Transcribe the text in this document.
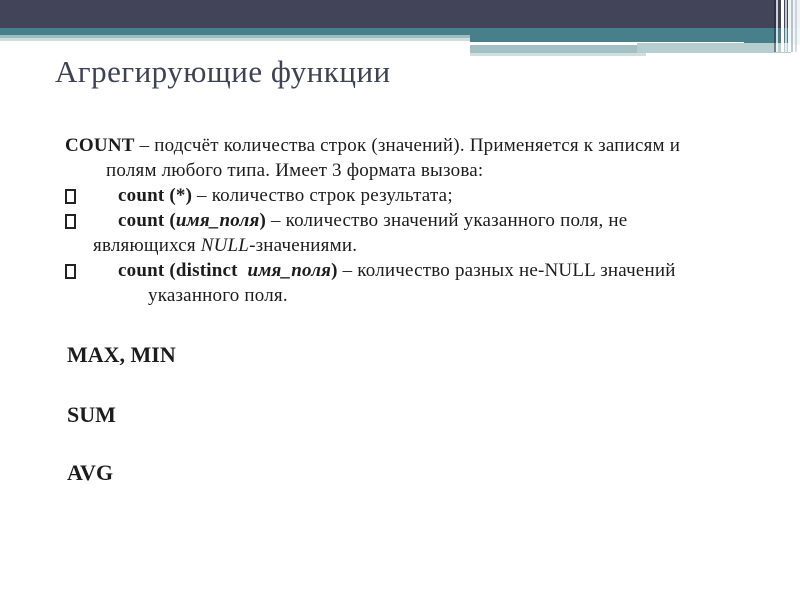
Агрегирующие функции
COUNT – подсчёт количества строк (значений). Применяется к записям и
полям любого типа. Имеет 3 формата вызова:
count (*) – количество строк результата;
count (имя_поля) – количество значений указанного поля, не
являющихся NULL-значениями.
count (distinct  имя_поля) – количество разных не-NULL значений
указанного поля.
MAX, MIN
SUM
AVG
